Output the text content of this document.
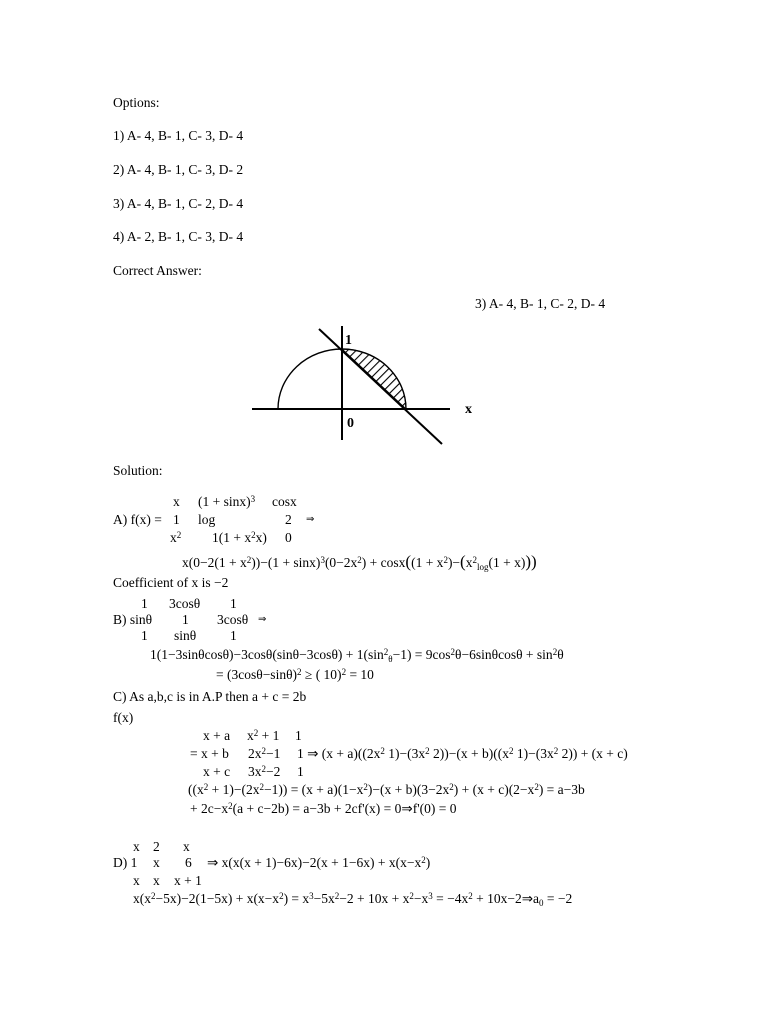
Options:
1) A- 4, B- 1, C- 3, D- 4
2) A- 4, B- 1, C- 3, D- 2
3) A- 4, B- 1, C- 2, D- 4
4) A- 2, B- 1, C- 3, D- 4
Correct Answer:
3) A- 4, B- 1, C- 2, D- 4
1
0
x
Solution:
x $(1 + \sin x)^3$ cosx
A) f(x) = 1 log	2 ⇒
$x^2$ $1(1 + x^2x)$ 0
$x(0-2(1 + x^2))-(1 + \sin x)^3(0-2x^2) + \cos x((1 + x^2)-(x^2_{log}(1 + x)))$
Coefficient of x is −2
1 3cosθ 1
B) sinθ 1 3cosθ ⇒
1 sinθ	1
$1(1-3\sin\theta\cos\theta)-3\cos\theta(\sin\theta-3\cos\theta) + 1(\sin^2_\theta-1) = 9\cos^2\theta-6\sin\theta\cos\theta + \sin^2\theta$
= $(3\cos\theta-\sin\theta)^2$ ≥ ( 10)$^2$ = 10
C) As a,b,c is in A.P then a + c = 2b
f(x)
x + a $x^2 + 1$ 1
= x + b $2x^2-1$ 1 ⇒ $(x + a)((2x^2$ $1)-(3x^2$ $2))-(x + b)((x^2$ $1)-(3x^2$ 2)) + (x + c)
x + c $3x^2-2$ 1
$((x^2 + 1)-(2x^2-1)) = (x + a)(1-x^2)-(x + b)(3-2x^2) + (x + c)(2-x^2) = a-3b$
+ $2c-x^2(a + c-2b) = a-3b + 2cf'(x)$ = 0⇒f'(0) = 0
x 2 x
D) 1 x 6 ⇒ $x(x(x + 1)-6x)-2(x + 1-6x) + x(x-x^2)$
x x x + 1
$x(x^2-5x)-2(1-5x) + x(x-x^2) = x^3-5x^2-2 + 10x + x^2-x^3 = -4x^2$ + $10x-2\Rightarrow a_0 = -2$
